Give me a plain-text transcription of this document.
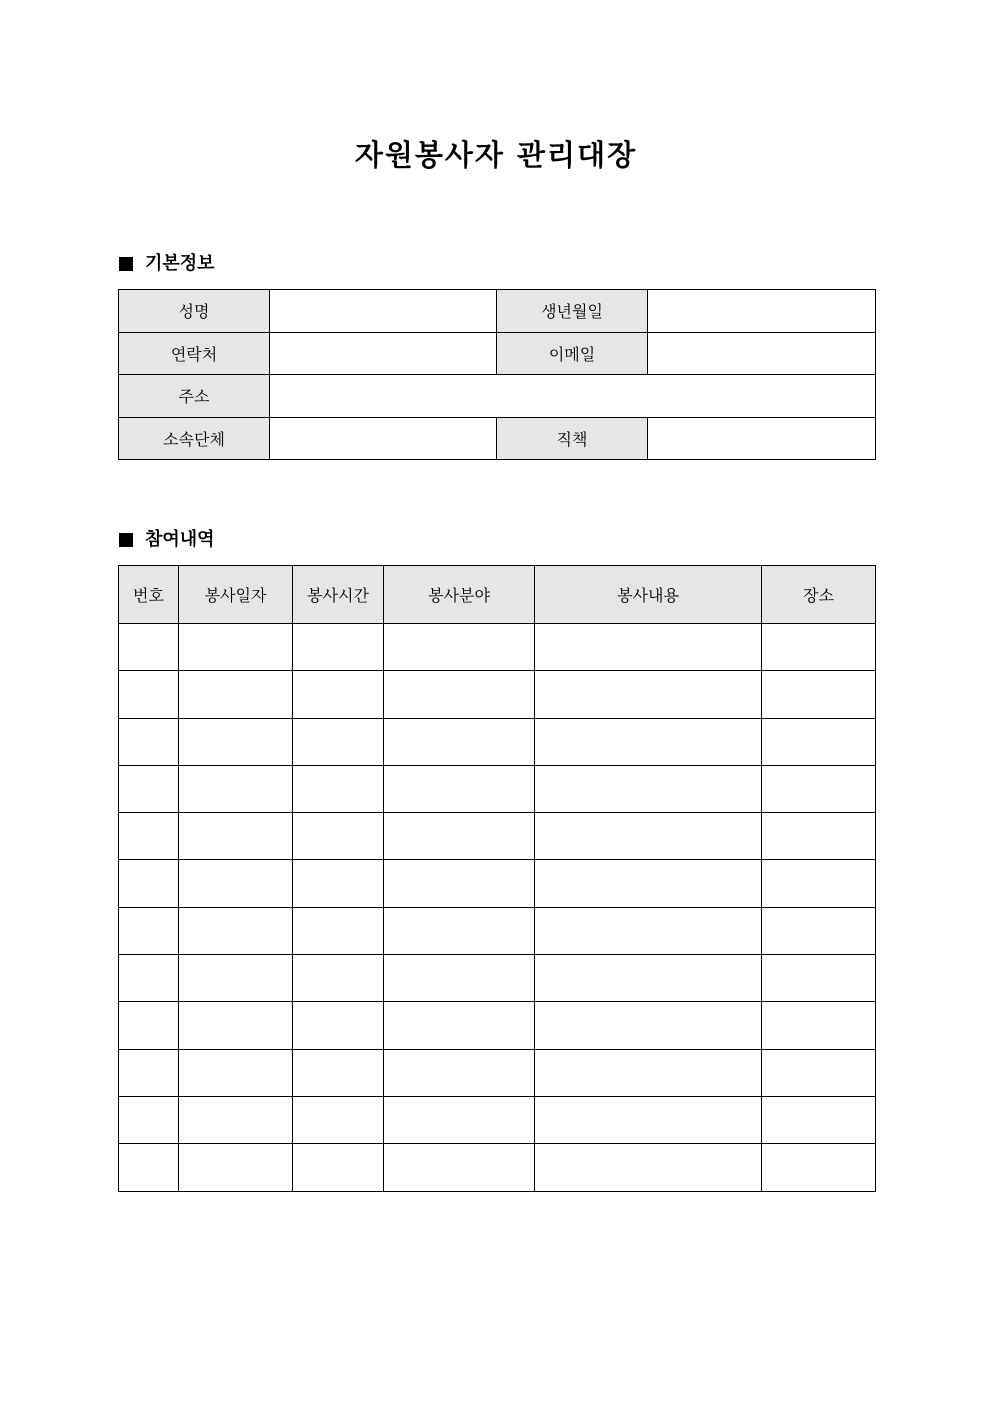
자원봉사자 관리대장
기본정보
성명		생년월일	
연락처		이메일	
주소			
소속단체		직책	
참여내역
번호	봉사일자	봉사시간	봉사분야	봉사내용	장소
